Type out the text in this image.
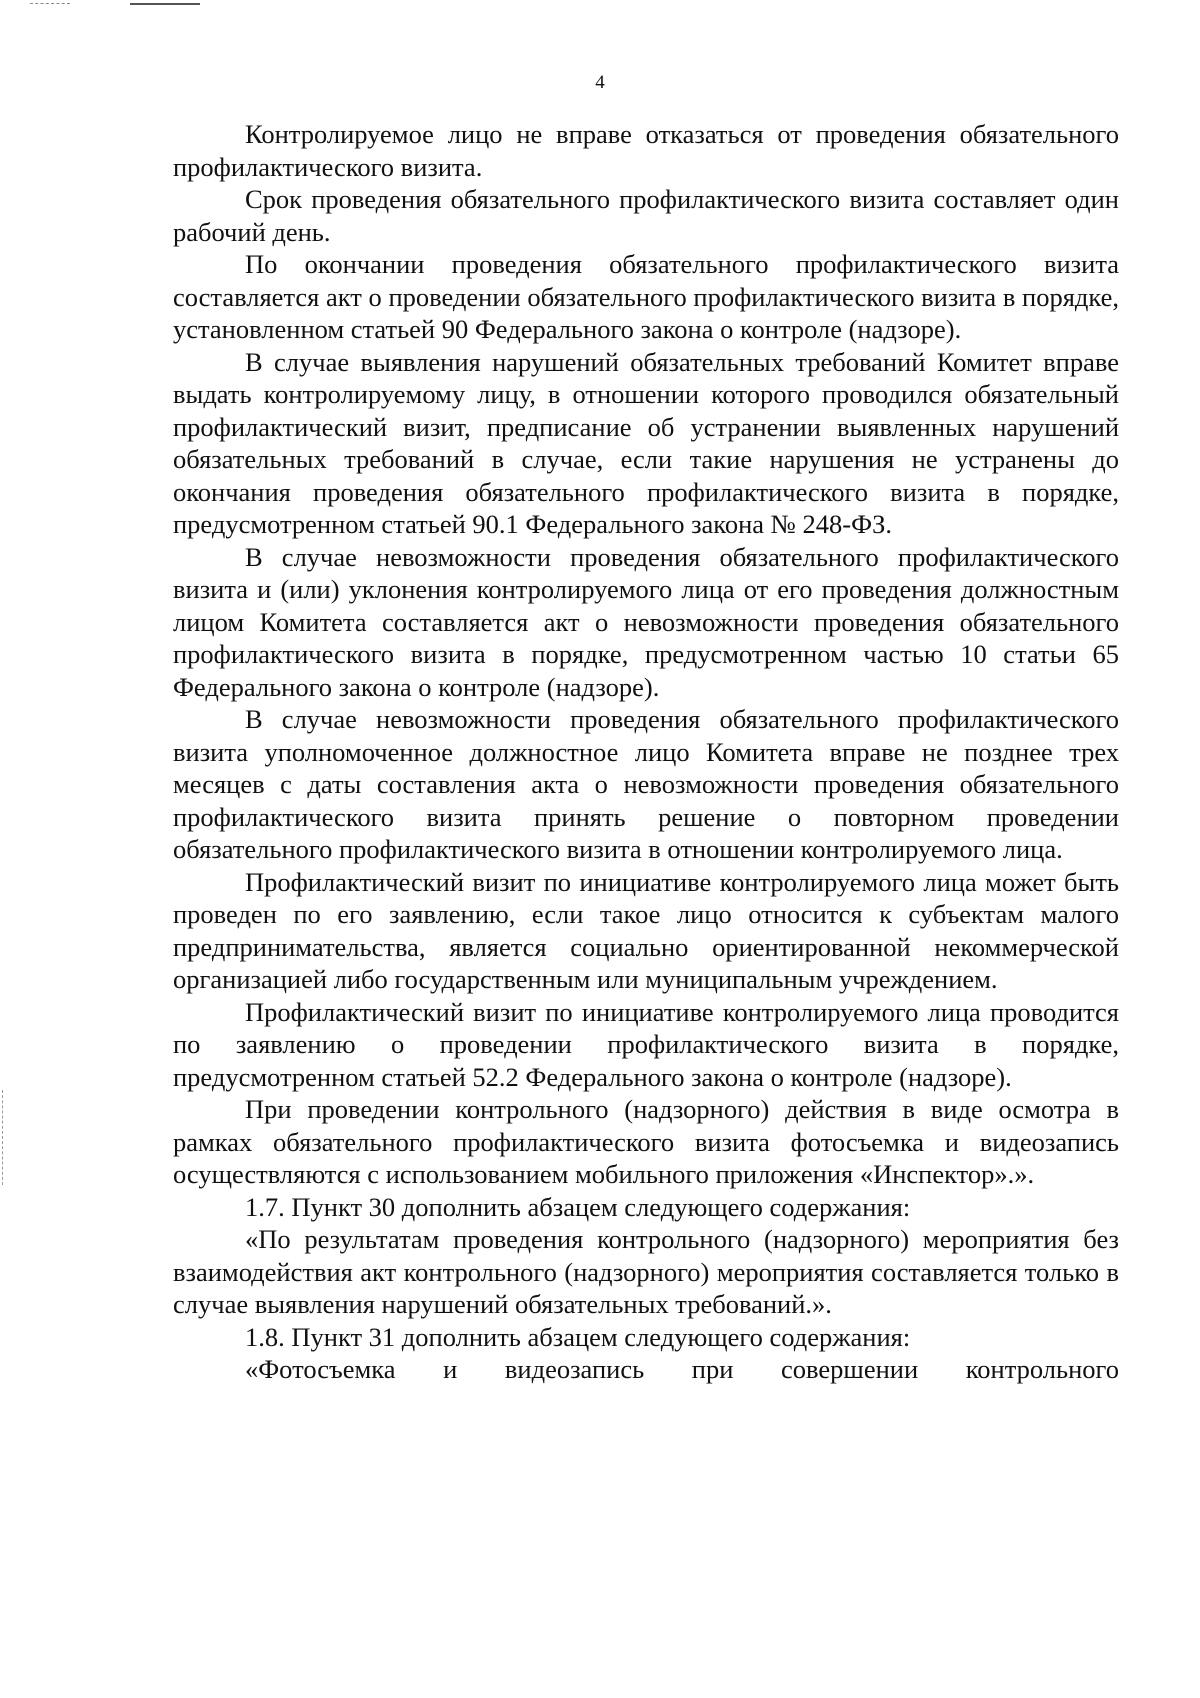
4

Контролируемое лицо не вправе отказаться от проведения обязательного профилактического визита.

Срок проведения обязательного профилактического визита составляет один рабочий день.

По окончании проведения обязательного профилактического визита составляется акт о проведении обязательного профилактического визита в порядке, установленном статьей 90 Федерального закона о контроле (надзоре).

В случае выявления нарушений обязательных требований Комитет вправе выдать контролируемому лицу, в отношении которого проводился обязательный профилактический визит, предписание об устранении выявленных нарушений обязательных требований в случае, если такие нарушения не устранены до окончания проведения обязательного профилактического визита в порядке, предусмотренном статьей 90.1 Федерального закона № 248-ФЗ.

В случае невозможности проведения обязательного профилактического визита и (или) уклонения контролируемого лица от его проведения должностным лицом Комитета составляется акт о невозможности проведения обязательного профилактического визита в порядке, предусмотренном частью 10 статьи 65 Федерального закона о контроле (надзоре).

В случае невозможности проведения обязательного профилактического визита уполномоченное должностное лицо Комитета вправе не позднее трех месяцев с даты составления акта о невозможности проведения обязательного профилактического визита принять решение о повторном проведении обязательного профилактического визита в отношении контролируемого лица.

Профилактический визит по инициативе контролируемого лица может быть проведен по его заявлению, если такое лицо относится к субъектам малого предпринимательства, является социально ориентированной некоммерческой организацией либо государственным или муниципальным учреждением.

Профилактический визит по инициативе контролируемого лица проводится по заявлению о проведении профилактического визита в порядке, предусмотренном статьей 52.2 Федерального закона о контроле (надзоре).

При проведении контрольного (надзорного) действия в виде осмотра в рамках обязательного профилактического визита фотосъемка и видеозапись осуществляются с использованием мобильного приложения «Инспектор».».

1.7. Пункт 30 дополнить абзацем следующего содержания:

«По результатам проведения контрольного (надзорного) мероприятия без взаимодействия акт контрольного (надзорного) мероприятия составляется только в случае выявления нарушений обязательных требований.».

1.8. Пункт 31 дополнить абзацем следующего содержания:

«Фотосъемка и видеозапись при совершении контрольного
